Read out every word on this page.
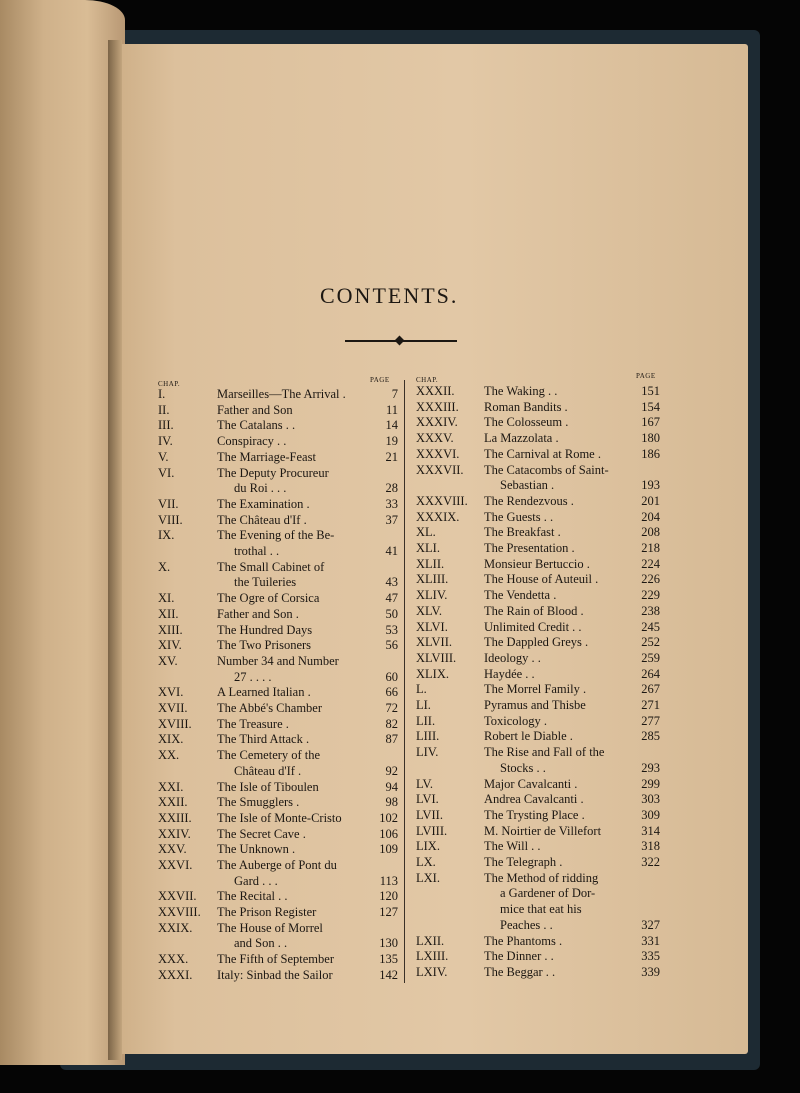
CONTENTS.
CHAP.	PAGE	CHAP.	PAGE
I.	Marseilles—The Arrival .	7
II.	Father and Son	11
III.	The Catalans . .	14
IV.	Conspiracy . .	19
V.	The Marriage-Feast	21
VI.	The Deputy Procureur
du Roi . . .	28
VII.	The Examination .	33
VIII.	The Château d'If .	37
IX.	The Evening of the Be-
trothal . .	41
X.	The Small Cabinet of
the Tuileries	43
XI.	The Ogre of Corsica	47
XII.	Father and Son .	50
XIII.	The Hundred Days	53
XIV.	The Two Prisoners	56
XV.	Number 34 and Number
27 . . . .	60
XVI.	A Learned Italian .	66
XVII. The Abbé's Chamber	72
XVIII. The Treasure .	82
XIX.	The Third Attack .	87
XX.	The Cemetery of the
Château d'If .	92
XXI.	The Isle of Tiboulen	94
XXII. The Smugglers .	98
XXIII. The Isle of Monte-Cristo	102
XXIV. The Secret Cave .	106
XXV. The Unknown .	109
XXVI. The Auberge of Pont du
Gard . . .	113
XXVII. The Recital . .	120
XXVIII. The Prison Register	127
XXIX. The House of Morrel
and Son . .	130
XXX. The Fifth of September	135
XXXI. Italy: Sinbad the Sailor	142
XXXII. The Waking . .	151
XXXIII. Roman Bandits .	154
XXXIV. The Colosseum .	167
XXXV. La Mazzolata .	180
XXXVI. The Carnival at Rome .	186
XXXVII. The Catacombs of Saint-
Sebastian .	193
XXXVIII. The Rendezvous .	201
XXXIX. The Guests . .	204
XL.	The Breakfast .	208
XLI.	The Presentation .	218
XLII.	Monsieur Bertuccio .	224
XLIII.	The House of Auteuil .	226
XLIV.	The Vendetta .	229
XLV.	The Rain of Blood .	238
XLVI.	Unlimited Credit . .	245
XLVII.	The Dappled Greys .	252
XLVIII. Ideology . .	259
XLIX.	Haydée . .	264
L.	The Morrel Family .	267
LI.	Pyramus and Thisbe	271
LII.	Toxicology .	277
LIII.	Robert le Diable .	285
LIV.	The Rise and Fall of the
Stocks . .	293
LV.	Major Cavalcanti .	299
LVI.	Andrea Cavalcanti .	303
LVII.	The Trysting Place .	309
LVIII.	M. Noirtier de Villefort	314
LIX.	The Will . .	318
LX.	The Telegraph .	322
LXI.	The Method of ridding
a Gardener of Dor-
mice that eat his
Peaches . .	327
LXII.	The Phantoms .	331
LXIII.	The Dinner . .	335
LXIV.	The Beggar . .	339
